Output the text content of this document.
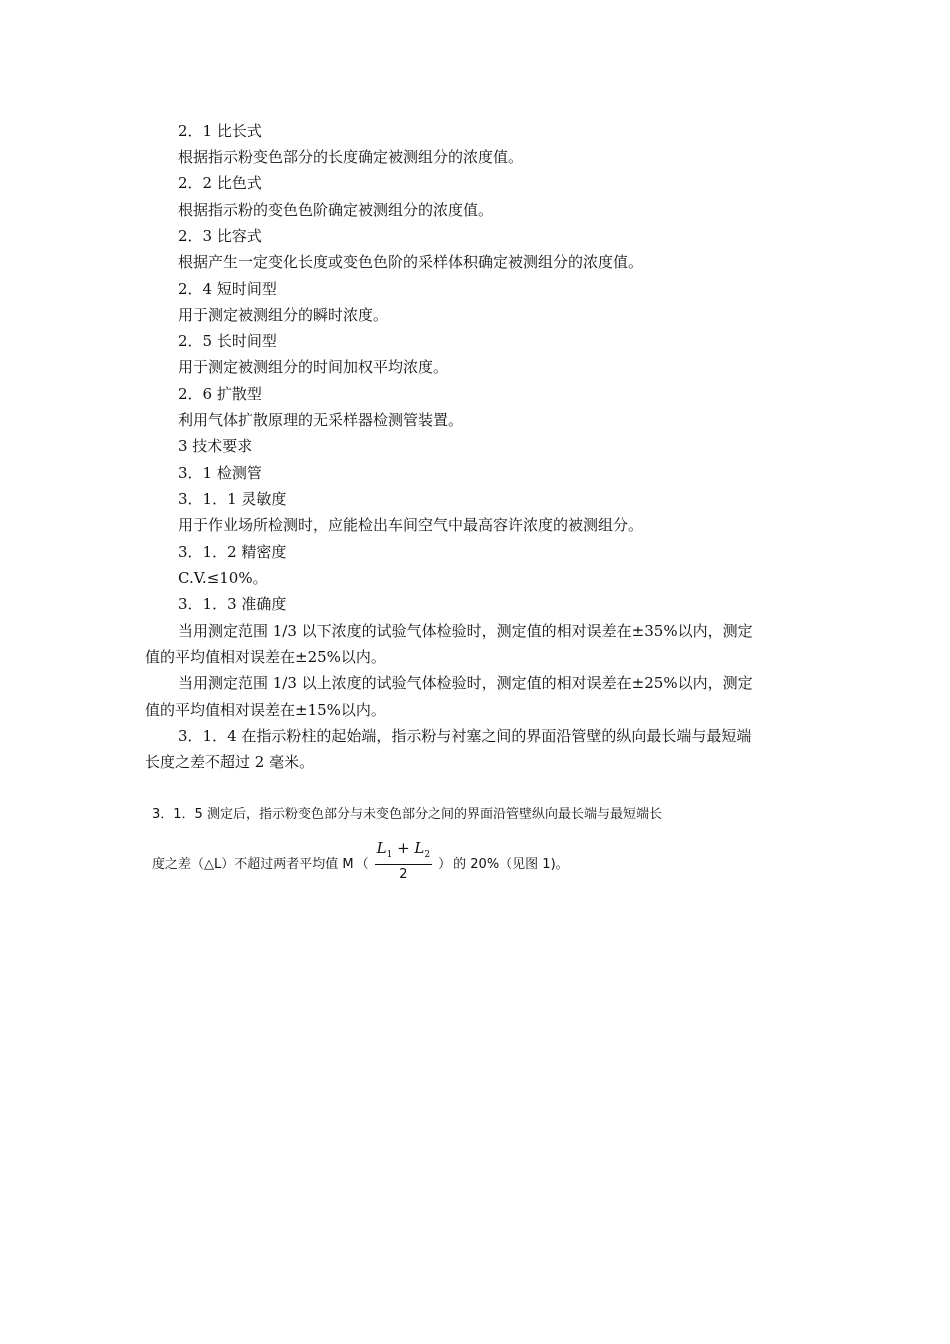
2．1 比长式
根据指示粉变色部分的长度确定被测组分的浓度值。
2．2 比色式
根据指示粉的变色色阶确定被测组分的浓度值。
2．3 比容式
根据产生一定变化长度或变色色阶的采样体积确定被测组分的浓度值。
2．4 短时间型
用于测定被测组分的瞬时浓度。
2．5 长时间型
用于测定被测组分的时间加权平均浓度。
2．6 扩散型
利用气体扩散原理的无采样器检测管装置。
3 技术要求
3．1 检测管
3．1．1 灵敏度
用于作业场所检测时，应能检出车间空气中最高容许浓度的被测组分。
3．1．2 精密度
C.V.≤10%。
3．1．3 准确度
当用测定范围 1/3 以下浓度的试验气体检验时，测定值的相对误差在±35%以内，测定
值的平均值相对误差在±25%以内。
当用测定范围 1/3 以上浓度的试验气体检验时，测定值的相对误差在±25%以内，测定
值的平均值相对误差在±15%以内。
3．1．4 在指示粉柱的起始端，指示粉与衬塞之间的界面沿管壁的纵向最长端与最短端
长度之差不超过 2 毫米。
3．1．5 测定后，指示粉变色部分与未变色部分之间的界面沿管壁纵向最长端与最短端长
度之差（△L）不超过两者平均值 M （ $\frac{L_1 + L_2}{2}$ ） 的 20%（见图 1)。
